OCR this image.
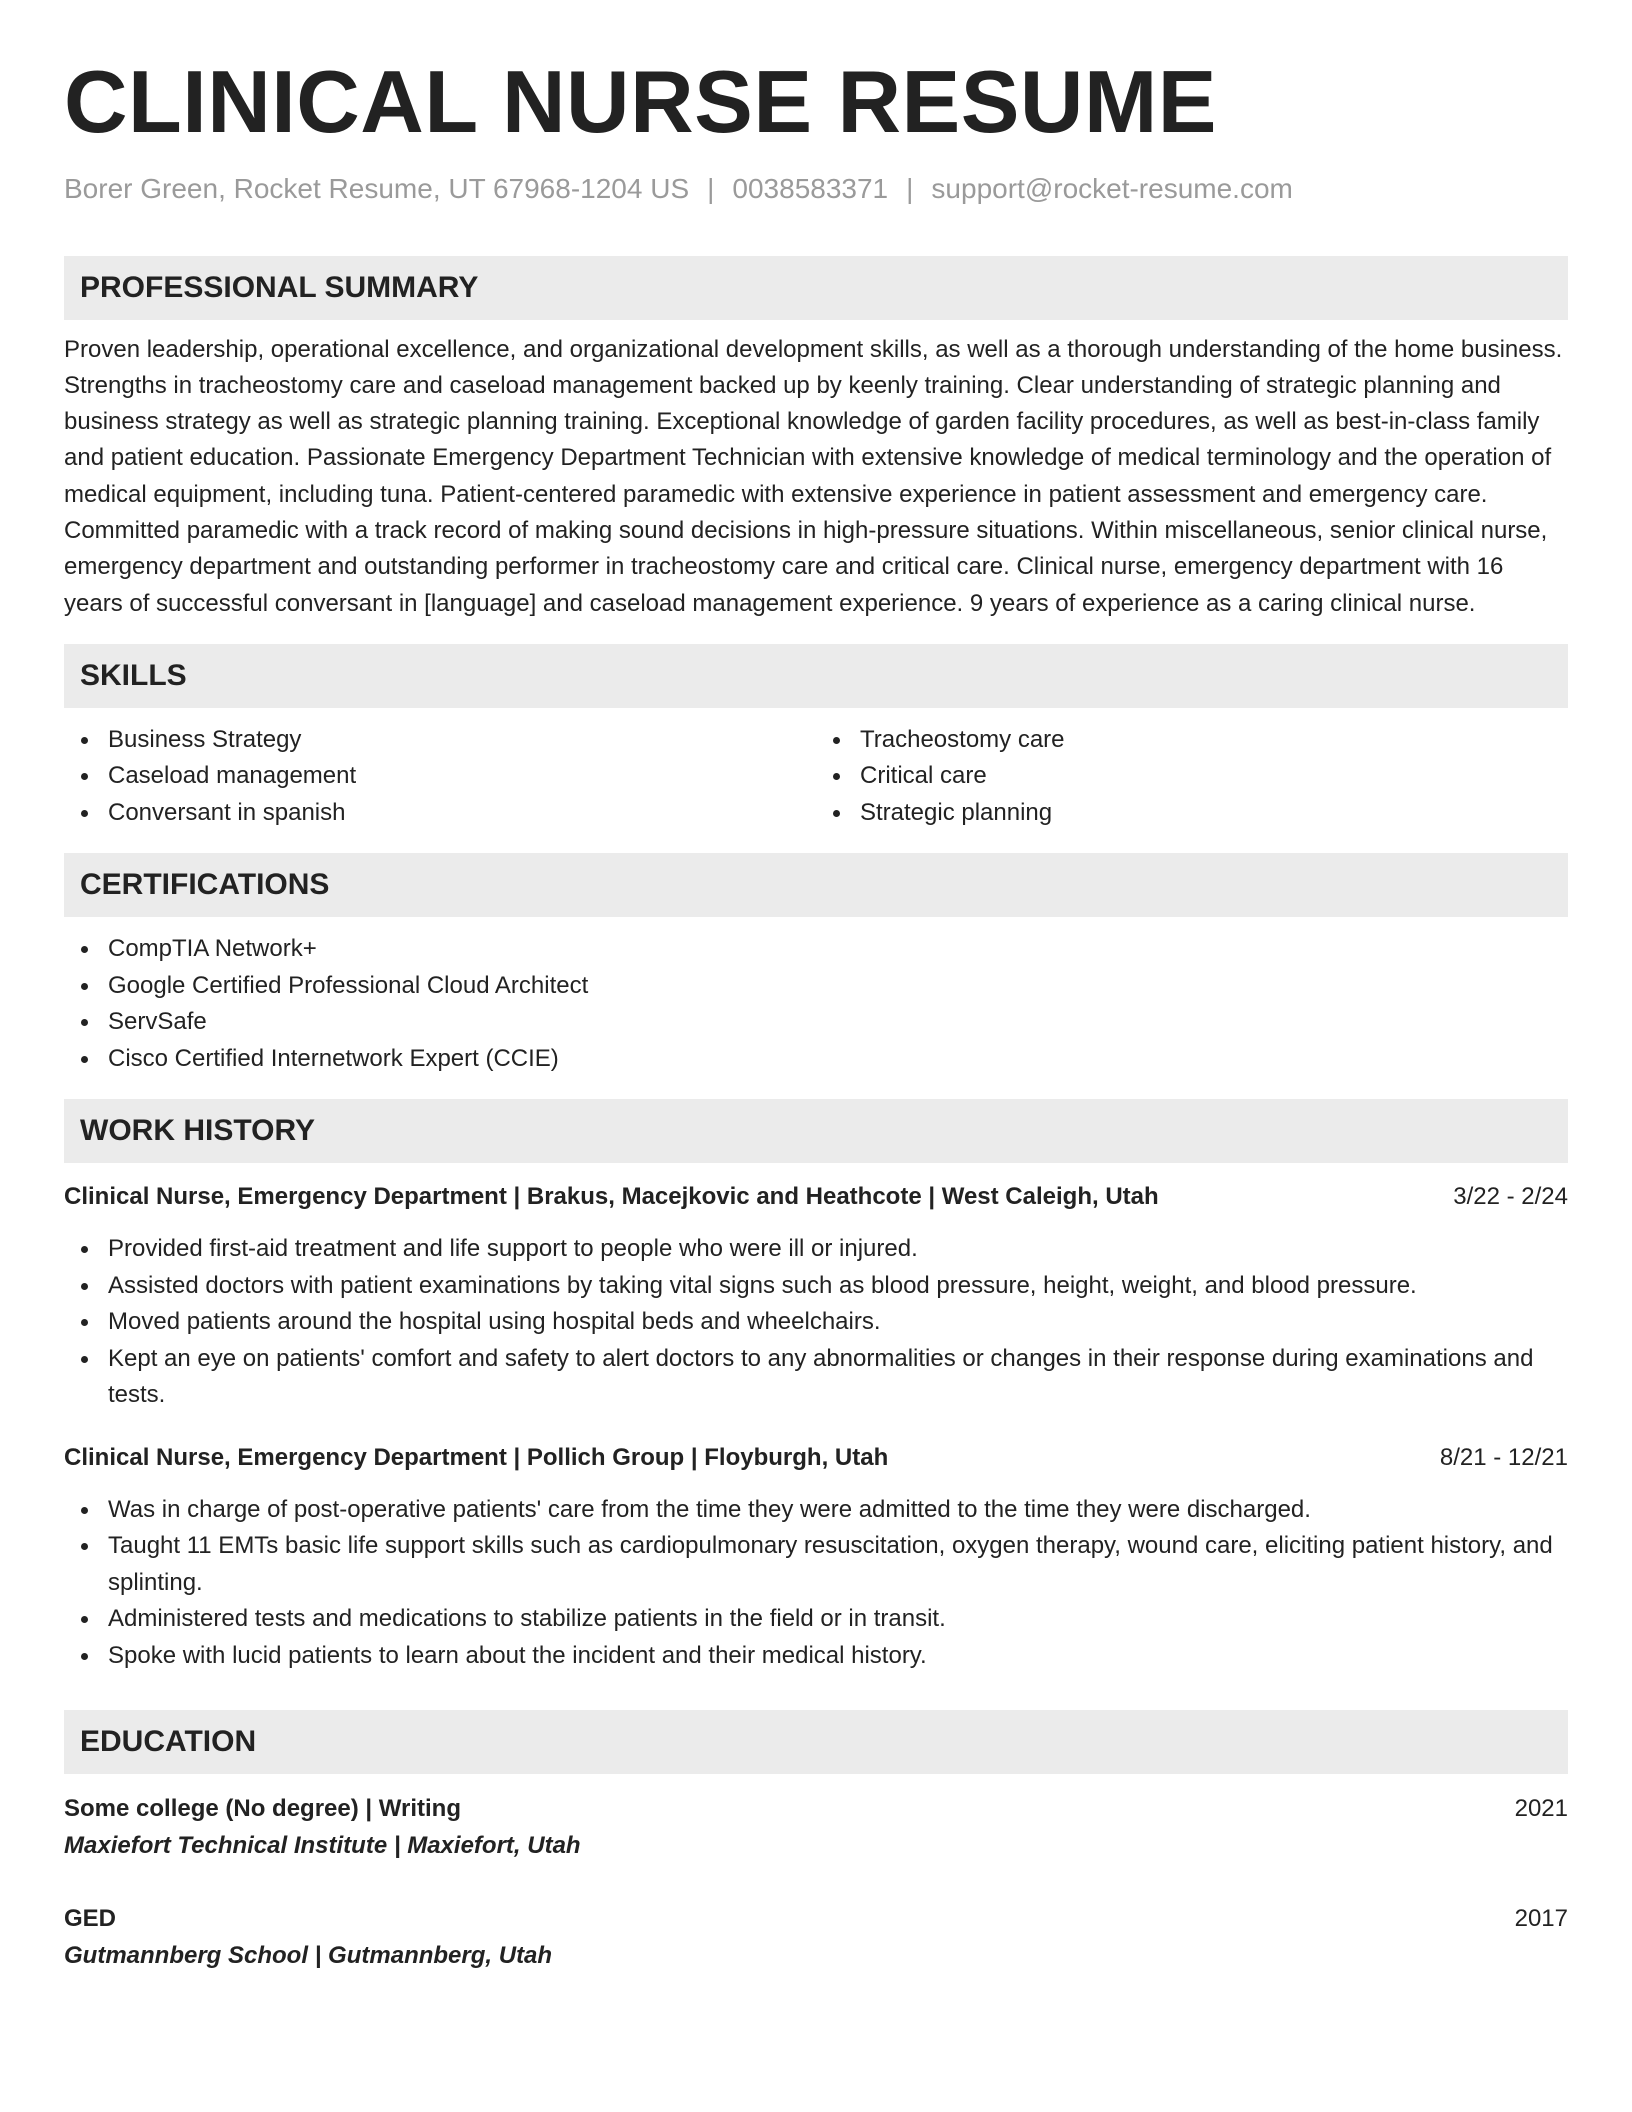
CLINICAL NURSE RESUME
Borer Green, Rocket Resume, UT 67968-1204 US | 0038583371 | support@rocket-resume.com
PROFESSIONAL SUMMARY

Proven leadership, operational excellence, and organizational development skills, as well as a thorough understanding of the home business. Strengths in tracheostomy care and caseload management backed up by keenly training. Clear understanding of strategic planning and business strategy as well as strategic planning training. Exceptional knowledge of garden facility procedures, as well as best-in-class family and patient education. Passionate Emergency Department Technician with extensive knowledge of medical terminology and the operation of medical equipment, including tuna. Patient-centered paramedic with extensive experience in patient assessment and emergency care. Committed paramedic with a track record of making sound decisions in high-pressure situations. Within miscellaneous, senior clinical nurse, emergency department and outstanding performer in tracheostomy care and critical care. Clinical nurse, emergency department with 16 years of successful conversant in [language] and caseload management experience. 9 years of experience as a caring clinical nurse.

SKILLS
Business Strategy
Caseload management
Conversant in spanish
Tracheostomy care
Critical care
Strategic planning
CERTIFICATIONS
CompTIA Network+
Google Certified Professional Cloud Architect
ServSafe
Cisco Certified Internetwork Expert (CCIE)
WORK HISTORY
Clinical Nurse, Emergency Department | Brakus, Macejkovic and Heathcote | West Caleigh, Utah	3/22 - 2/24
Provided first-aid treatment and life support to people who were ill or injured.
Assisted doctors with patient examinations by taking vital signs such as blood pressure, height, weight, and blood pressure.
Moved patients around the hospital using hospital beds and wheelchairs.
Kept an eye on patients' comfort and safety to alert doctors to any abnormalities or changes in their response during examinations and tests.
Clinical Nurse, Emergency Department | Pollich Group | Floyburgh, Utah	8/21 - 12/21
Was in charge of post-operative patients' care from the time they were admitted to the time they were discharged.
Taught 11 EMTs basic life support skills such as cardiopulmonary resuscitation, oxygen therapy, wound care, eliciting patient history, and splinting.
Administered tests and medications to stabilize patients in the field or in transit.
Spoke with lucid patients to learn about the incident and their medical history.
EDUCATION
Some college (No degree) | Writing	2021
Maxiefort Technical Institute | Maxiefort, Utah
GED	2017
Gutmannberg School | Gutmannberg, Utah
